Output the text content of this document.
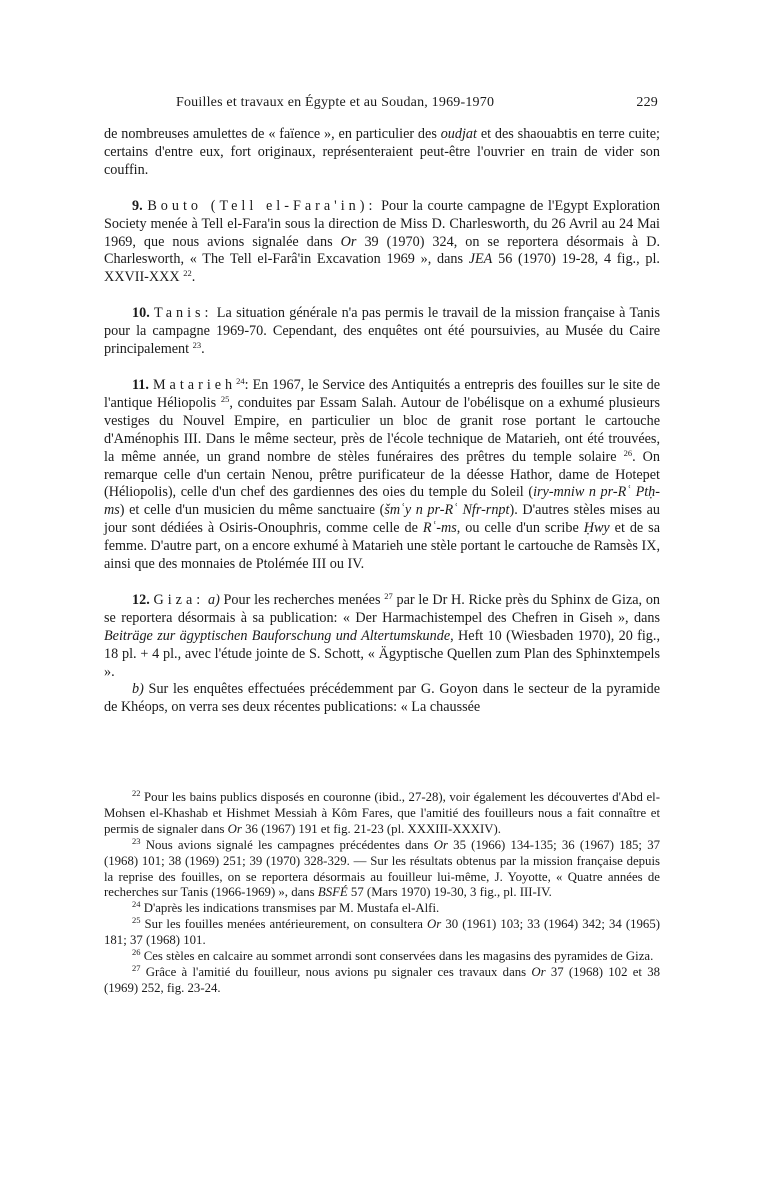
Fouilles et travaux en Égypte et au Soudan, 1969-1970	229

de nombreuses amulettes de « faïence », en particulier des oudjat et des shaouabtis en terre cuite; certains d'entre eux, fort originaux, représenteraient peut-être l'ouvrier en train de vider son couffin.

9. Bouto (Tell el-Fara'in): Pour la courte campagne de l'Egypt Exploration Society menée à Tell el-Fara'in sous la direction de Miss D. Charlesworth, du 26 Avril au 24 Mai 1969, que nous avions signalée dans Or 39 (1970) 324, on se reportera désormais à D. Charlesworth, « The Tell el-Farâ'in Excavation 1969 », dans JEA 56 (1970) 19-28, 4 fig., pl. XXVII-XXX $^{22}$.

10. Tanis: La situation générale n'a pas permis le travail de la mission française à Tanis pour la campagne 1969-70. Cependant, des enquêtes ont été poursuivies, au Musée du Caire principalement $^{23}$.

11. Matarieh$^{24}$: En 1967, le Service des Antiquités a entrepris des fouilles sur le site de l'antique Héliopolis $^{25}$, conduites par Essam Salah. Autour de l'obélisque on a exhumé plusieurs vestiges du Nouvel Empire, en particulier un bloc de granit rose portant le cartouche d'Aménophis III. Dans le même secteur, près de l'école technique de Matarieh, ont été trouvées, la même année, un grand nombre de stèles funéraires des prêtres du temple solaire $^{26}$. On remarque celle d'un certain Nenou, prêtre purificateur de la déesse Hathor, dame de Hotepet (Héliopolis), celle d'un chef des gardiennes des oies du temple du Soleil (iry-mniw n pr-Rʿ Ptḥ-ms) et celle d'un musicien du même sanctuaire (šmʿy n pr-Rʿ Nfr-rnpt). D'autres stèles mises au jour sont dédiées à Osiris-Onouphris, comme celle de Rʿ-ms, ou celle d'un scribe Ḥwy et de sa femme. D'autre part, on a encore exhumé à Matarieh une stèle portant le cartouche de Ramsès IX, ainsi que des monnaies de Ptolémée III ou IV.

12. Giza: a) Pour les recherches menées $^{27}$ par le Dr H. Ricke près du Sphinx de Giza, on se reportera désormais à sa publication: « Der Harmachistempel des Chefren in Giseh », dans Beiträge zur ägyptischen Bauforschung und Altertumskunde, Heft 10 (Wiesbaden 1970), 20 fig., 18 pl. + 4 pl., avec l'étude jointe de S. Schott, « Ägyptische Quellen zum Plan des Sphinxtempels ».

b) Sur les enquêtes effectuées précédemment par G. Goyon dans le secteur de la pyramide de Khéops, on verra ses deux récentes publications: « La chaussée

$^{22}$ Pour les bains publics disposés en couronne (ibid., 27-28), voir également les découvertes d'Abd el-Mohsen el-Khashab et Hishmet Messiah à Kôm Fares, que l'amitié des fouilleurs nous a fait connaître et permis de signaler dans Or 36 (1967) 191 et fig. 21-23 (pl. XXXIII-XXXIV).

$^{23}$ Nous avions signalé les campagnes précédentes dans Or 35 (1966) 134-135; 36 (1967) 185; 37 (1968) 101; 38 (1969) 251; 39 (1970) 328-329. — Sur les résultats obtenus par la mission française depuis la reprise des fouilles, on se reportera désormais au fouilleur lui-même, J. Yoyotte, « Quatre années de recherches sur Tanis (1966-1969) », dans BSFÉ 57 (Mars 1970) 19-30, 3 fig., pl. III-IV.

$^{24}$ D'après les indications transmises par M. Mustafa el-Alfi.

$^{25}$ Sur les fouilles menées antérieurement, on consultera Or 30 (1961) 103; 33 (1964) 342; 34 (1965) 181; 37 (1968) 101.

$^{26}$ Ces stèles en calcaire au sommet arrondi sont conservées dans les magasins des pyramides de Giza.

$^{27}$ Grâce à l'amitié du fouilleur, nous avions pu signaler ces travaux dans Or 37 (1968) 102 et 38 (1969) 252, fig. 23-24.
